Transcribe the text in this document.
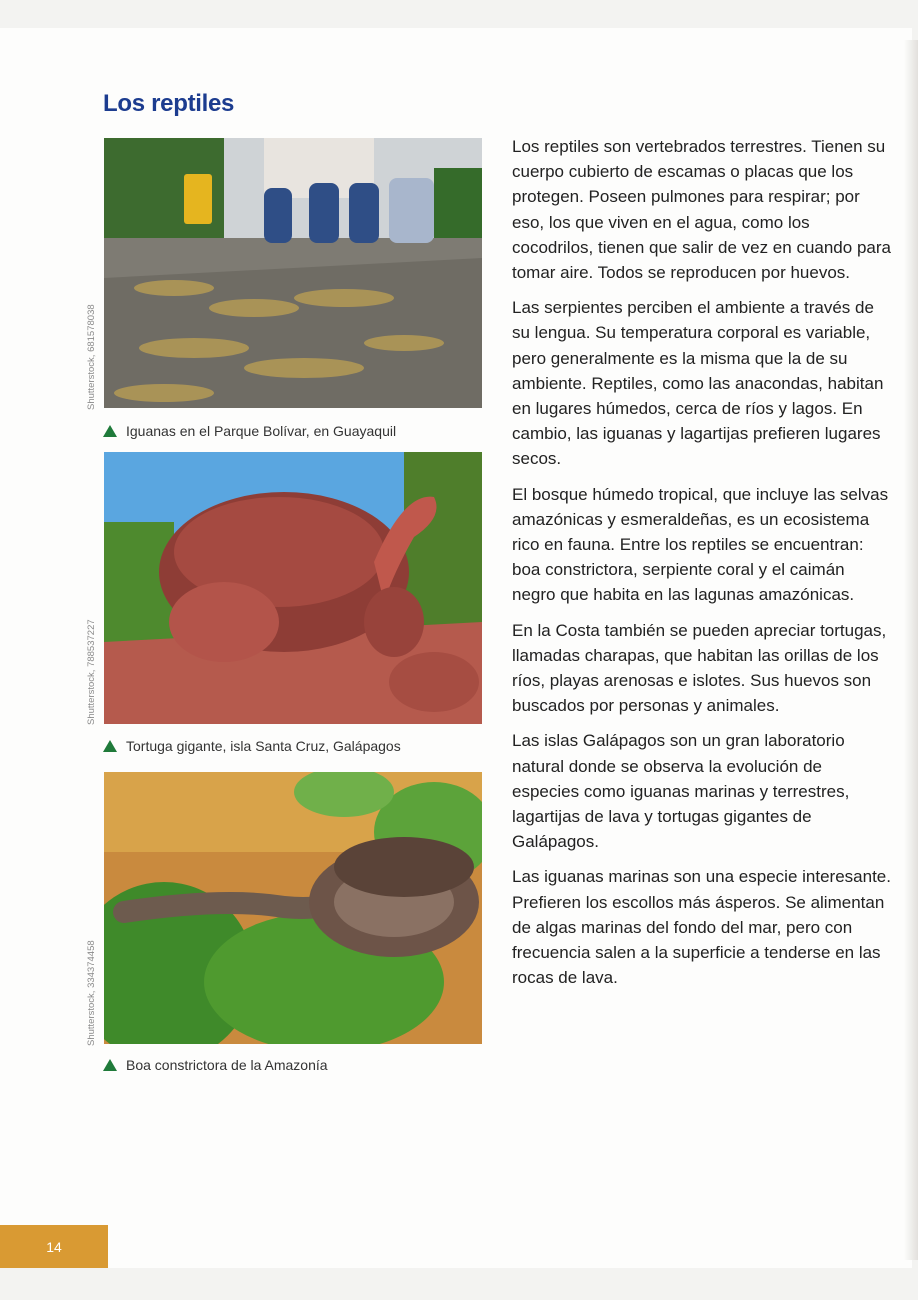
Los reptiles
Shutterstock, 681578038
Iguanas en el Parque Bolívar, en Guayaquil
Shutterstock, 788537227
Tortuga gigante, isla Santa Cruz, Galápagos
Shutterstock, 334374458
Boa constrictora de la Amazonía

Los reptiles son vertebrados terrestres. Tienen su cuerpo cubierto de escamas o placas que los protegen. Poseen pulmones para respirar; por eso, los que viven en el agua, como los cocodrilos, tienen que salir de vez en cuando para tomar aire. Todos se reproducen por huevos.

Las serpientes perciben el ambiente a través de su lengua. Su temperatura corporal es variable, pero generalmente es la misma que la de su ambiente. Reptiles, como las anacondas, habitan en lugares húmedos, cerca de ríos y lagos. En cambio, las iguanas y lagartijas prefieren lugares secos.

El bosque húmedo tropical, que incluye las selvas amazónicas y esmeraldeñas, es un ecosistema rico en fauna. Entre los reptiles se encuentran: boa constrictora, serpiente coral y el caimán negro que habita en las lagunas amazónicas.

En la Costa también se pueden apreciar tortugas, llamadas charapas, que habitan las orillas de los ríos, playas arenosas e islotes. Sus huevos son buscados por personas y animales.

Las islas Galápagos son un gran laboratorio natural donde se observa la evolución de especies como iguanas marinas y terrestres, lagartijas de lava y tortugas gigantes de Galápagos.

Las iguanas marinas son una especie interesante. Prefieren los escollos más ásperos. Se alimentan de algas marinas del fondo del mar, pero con frecuencia salen a la superficie a tenderse en las rocas de lava.

14
